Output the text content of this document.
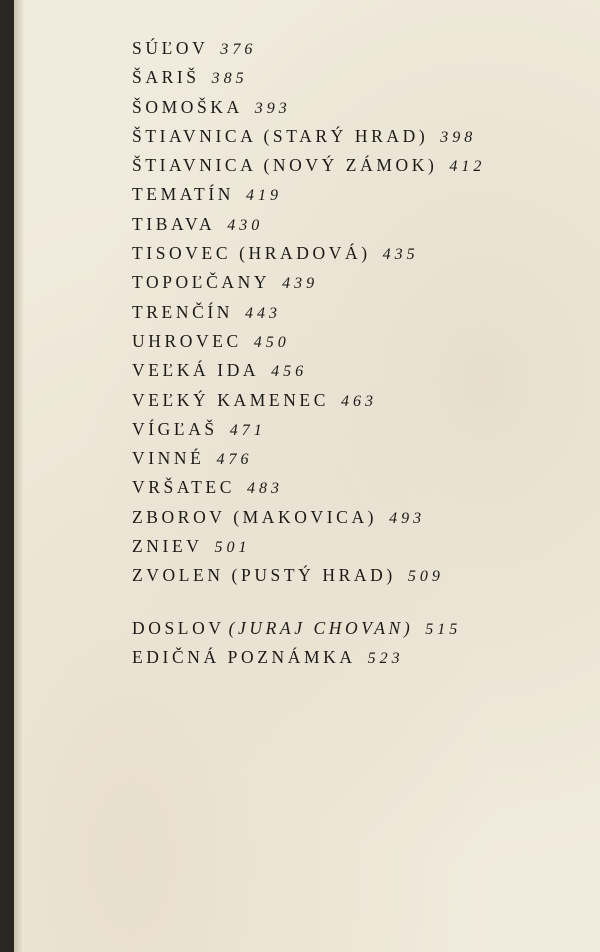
SÚĽOV 376
ŠARIŠ 385
ŠOMOŠKA 393
ŠTIAVNICA (STARÝ HRAD) 398
ŠTIAVNICA (NOVÝ ZÁMOK) 412
TEMATÍN 419
TIBAVA 430
TISOVEC (HRADOVÁ) 435
TOPOĽČANY 439
TRENČÍN 443
UHROVEC 450
VEĽKÁ IDA 456
VEĽKÝ KAMENEC 463
VÍGĽAŠ 471
VINNÉ 476
VRŠATEC 483
ZBOROV (MAKOVICA) 493
ZNIEV 501
ZVOLEN (PUSTÝ HRAD) 509
DOSLOV (JURAJ CHOVAN) 515
EDIČNÁ POZNÁMKA 523
